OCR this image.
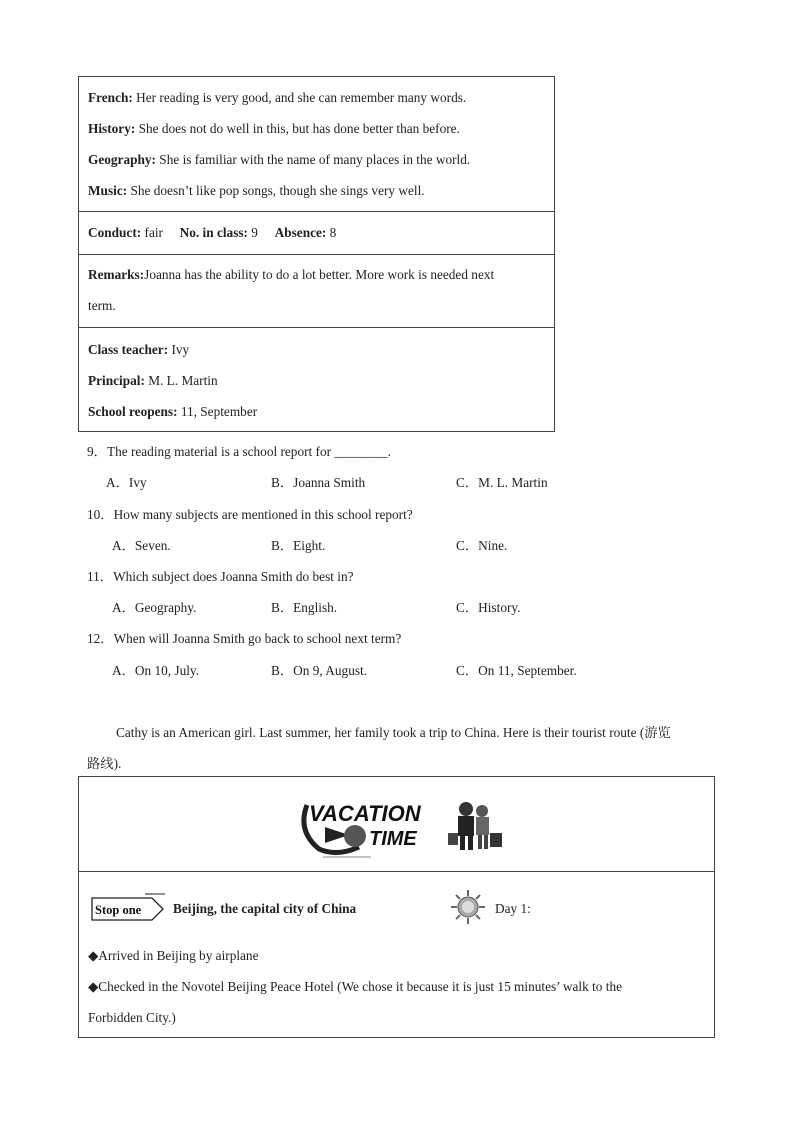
French: Her reading is very good, and she can remember many words.
History: She does not do well in this, but has done better than before.
Geography: She is familiar with the name of many places in the world.
Music: She doesn’t like pop songs, though she sings very well.
Conduct: fair No. in class: 9 Absence: 8
Remarks:Joanna has the ability to do a lot better. More work is needed next
term.
Class teacher: Ivy
Principal: M. L. Martin
School reopens: 11, September
9．The reading material is a school report for ________.
A．Ivy	B．Joanna Smith	C．M. L. Martin
10．How many subjects are mentioned in this school report?
A．Seven.	B．Eight.	C．Nine.
11．Which subject does Joanna Smith do best in?
A．Geography.	B．English.	C．History.
12．When will Joanna Smith go back to school next term?
A．On 10, July.	B．On 9, August.	C．On 11, September.
Cathy is an American girl. Last summer, her family took a trip to China. Here is their tourist route (游览
路线).
VACATION
TIME
Stop one Beijing, the capital city of China	Day 1:
◆Arrived in Beijing by airplane
◆Checked in the Novotel Beijing Peace Hotel (We chose it because it is just 15 minutes’ walk to the
Forbidden City.)
